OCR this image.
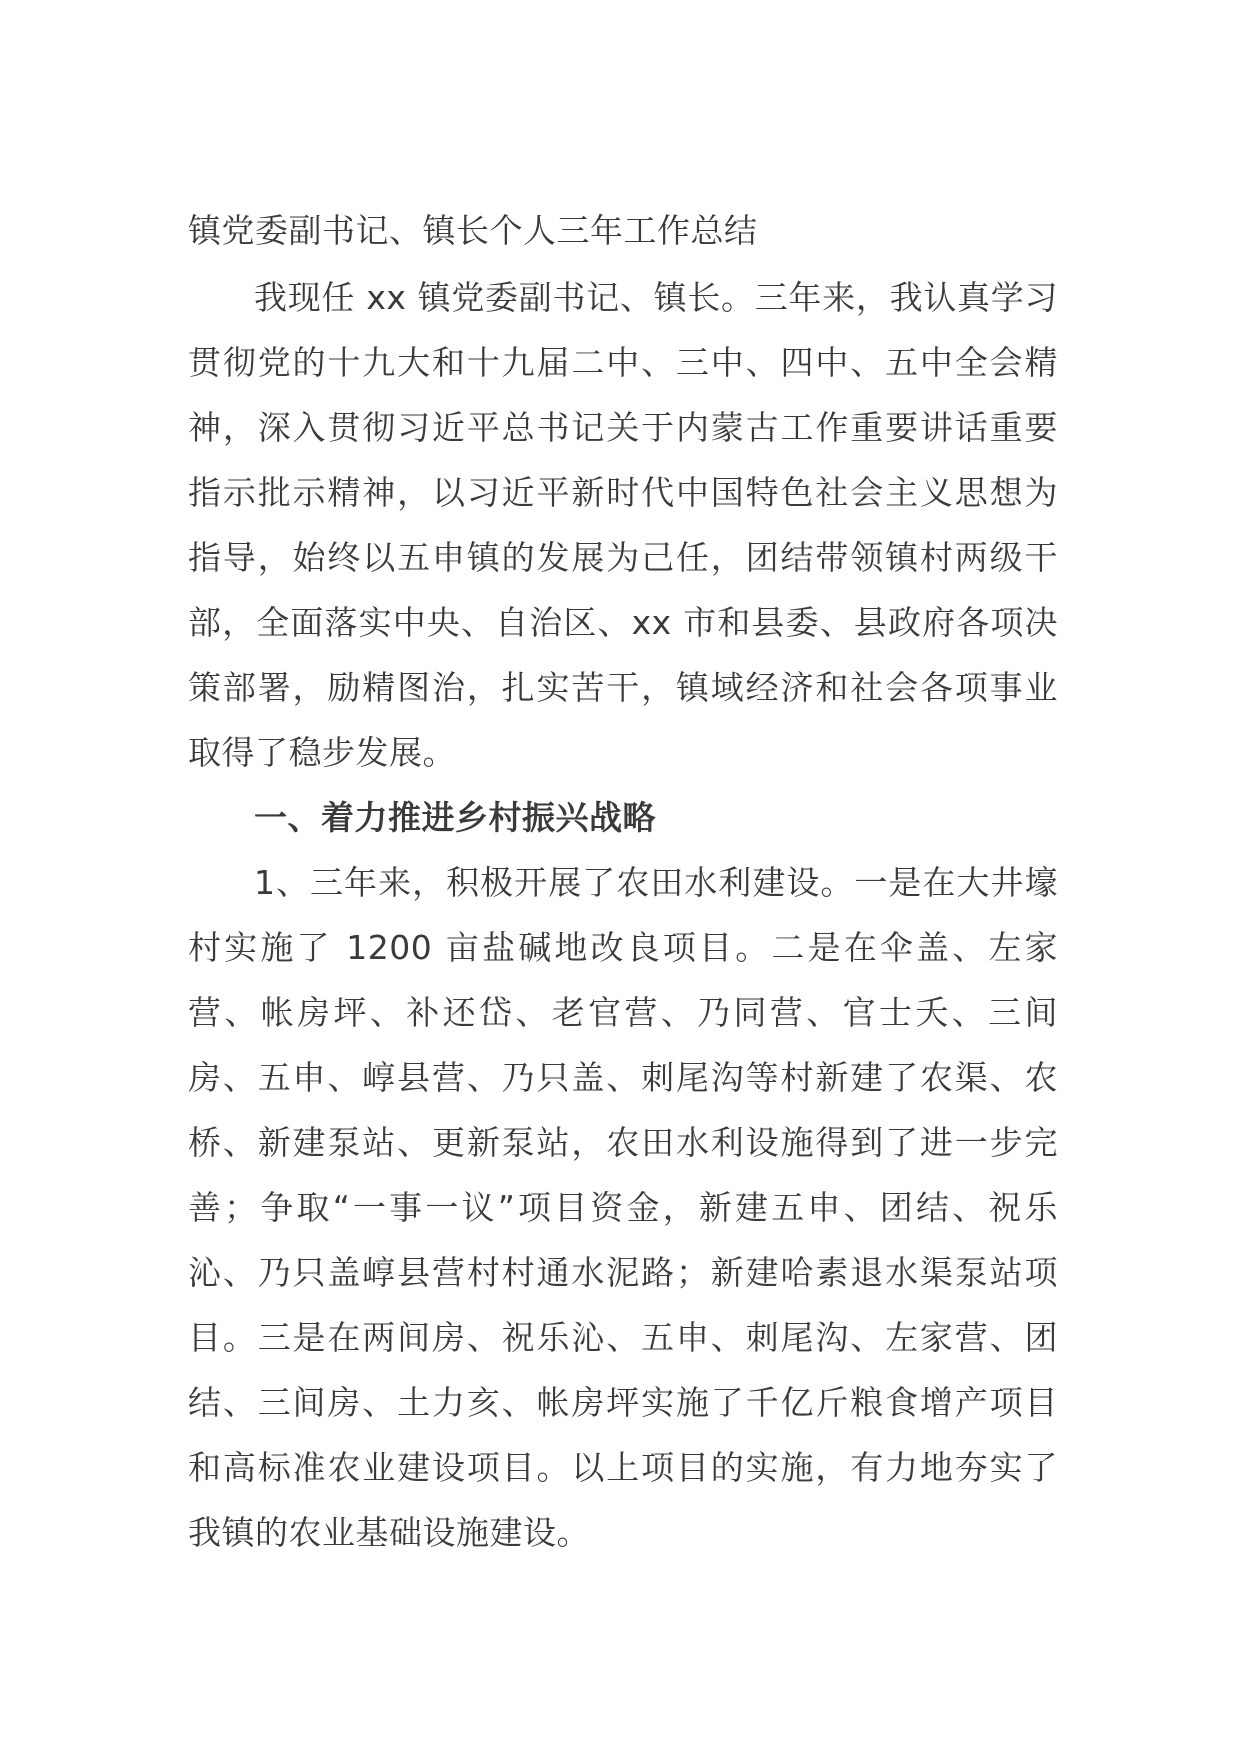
镇党委副书记、镇长个人三年工作总结

我现任 xx 镇党委副书记、镇长。三年来，我认真学习贯彻党的十九大和十九届二中、三中、四中、五中全会精神，深入贯彻习近平总书记关于内蒙古工作重要讲话重要指示批示精神，以习近平新时代中国特色社会主义思想为指导，始终以五申镇的发展为己任，团结带领镇村两级干部，全面落实中央、自治区、xx 市和县委、县政府各项决策部署，励精图治，扎实苦干，镇域经济和社会各项事业取得了稳步发展。

一、着力推进乡村振兴战略

1、三年来，积极开展了农田水利建设。一是在大井壕村实施了 1200 亩盐碱地改良项目。二是在伞盖、左家营、帐房坪、补还岱、老官营、乃同营、官士夭、三间房、五申、崞县营、乃只盖、刺尾沟等村新建了农渠、农桥、新建泵站、更新泵站，农田水利设施得到了进一步完善；争取“一事一议”项目资金，新建五申、团结、祝乐沁、乃只盖崞县营村村通水泥路；新建哈素退水渠泵站项目。三是在两间房、祝乐沁、五申、刺尾沟、左家营、团结、三间房、土力亥、帐房坪实施了千亿斤粮食增产项目和高标准农业建设项目。以上项目的实施，有力地夯实了我镇的农业基础设施建设。
